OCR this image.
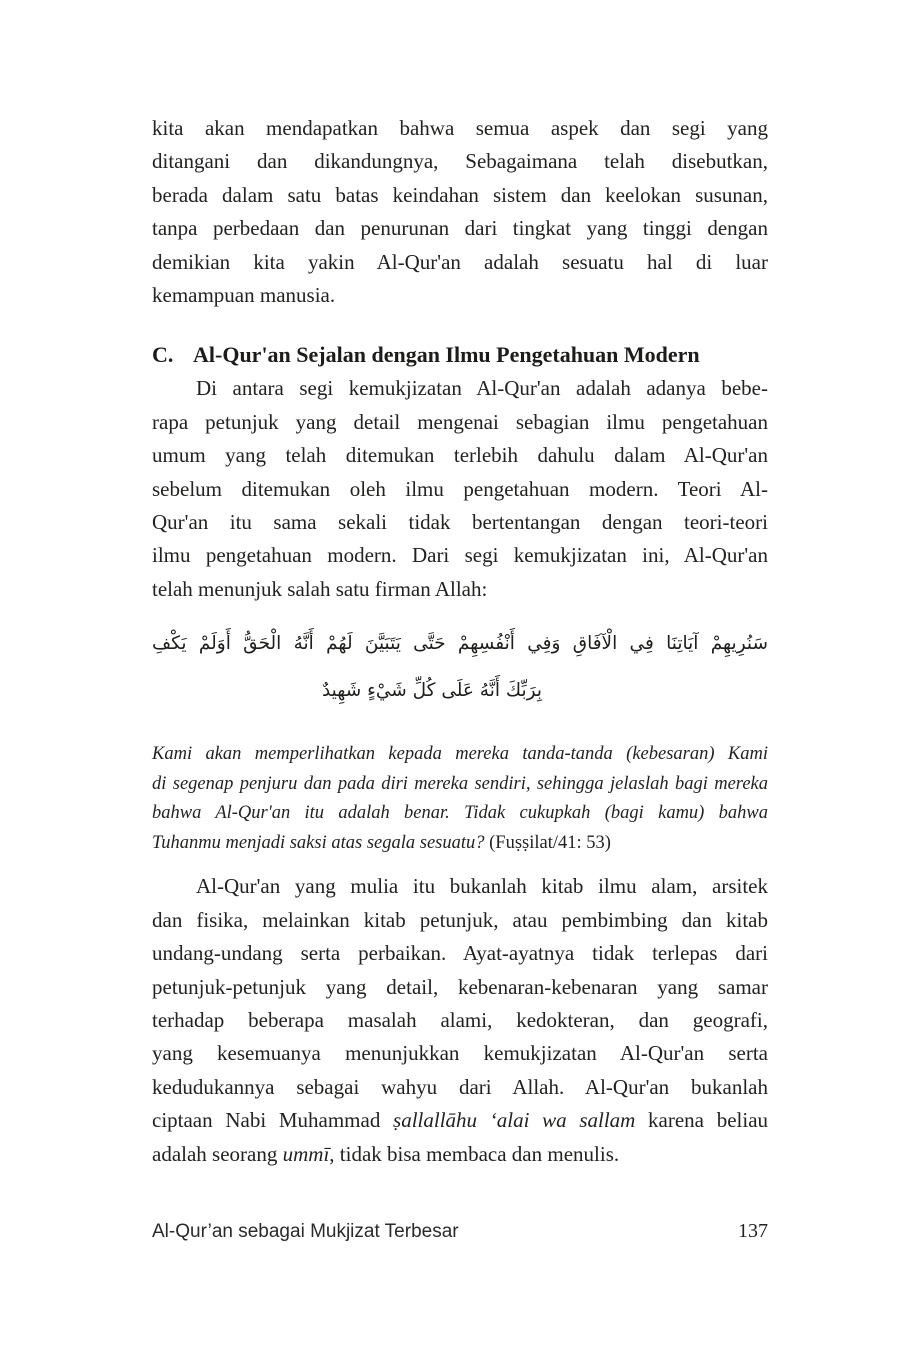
kita akan mendapatkan bahwa semua aspek dan segi yang
ditangani dan dikandungnya, Sebagaimana telah disebutkan,
berada dalam satu batas keindahan sistem dan keelokan susunan,
tanpa perbedaan dan penurunan dari tingkat yang tinggi dengan
demikian kita yakin Al-Qur'an adalah sesuatu hal di luar
kemampuan manusia.
C. Al-Qur'an Sejalan dengan Ilmu Pengetahuan Modern
Di antara segi kemukjizatan Al-Qur'an adalah adanya bebe-
rapa petunjuk yang detail mengenai sebagian ilmu pengetahuan
umum yang telah ditemukan terlebih dahulu dalam Al-Qur'an
sebelum ditemukan oleh ilmu pengetahuan modern. Teori Al-
Qur'an itu sama sekali tidak bertentangan dengan teori-teori
ilmu pengetahuan modern. Dari segi kemukjizatan ini, Al-Qur'an
telah menunjuk salah satu firman Allah:
سَنُرِيهِمْ آيَاتِنَا فِي الْآفَاقِ وَفِي أَنْفُسِهِمْ حَتَّى يَتَبَيَّنَ لَهُمْ أَنَّهُ الْحَقُّ أَوَلَمْ يَكْفِ
بِرَبِّكَ أَنَّهُ عَلَى كُلِّ شَيْءٍ شَهِيدٌ
Kami akan memperlihatkan kepada mereka tanda-tanda (kebesaran) Kami
di segenap penjuru dan pada diri mereka sendiri, sehingga jelaslah bagi mereka
bahwa Al-Qur'an itu adalah benar. Tidak cukupkah (bagi kamu) bahwa
Tuhanmu menjadi saksi atas segala sesuatu? (Fuṣṣilat/41: 53)
Al-Qur'an yang mulia itu bukanlah kitab ilmu alam, arsitek
dan fisika, melainkan kitab petunjuk, atau pembimbing dan kitab
undang-undang serta perbaikan. Ayat-ayatnya tidak terlepas dari
petunjuk-petunjuk yang detail, kebenaran-kebenaran yang samar
terhadap beberapa masalah alami, kedokteran, dan geografi,
yang kesemuanya menunjukkan kemukjizatan Al-Qur'an serta
kedudukannya sebagai wahyu dari Allah. Al-Qur'an bukanlah
ciptaan Nabi Muhammad ṣallallāhu ‘alai wa sallam karena beliau
adalah seorang ummī, tidak bisa membaca dan menulis.
Al-Qur’an sebagai Mukjizat Terbesar	137
